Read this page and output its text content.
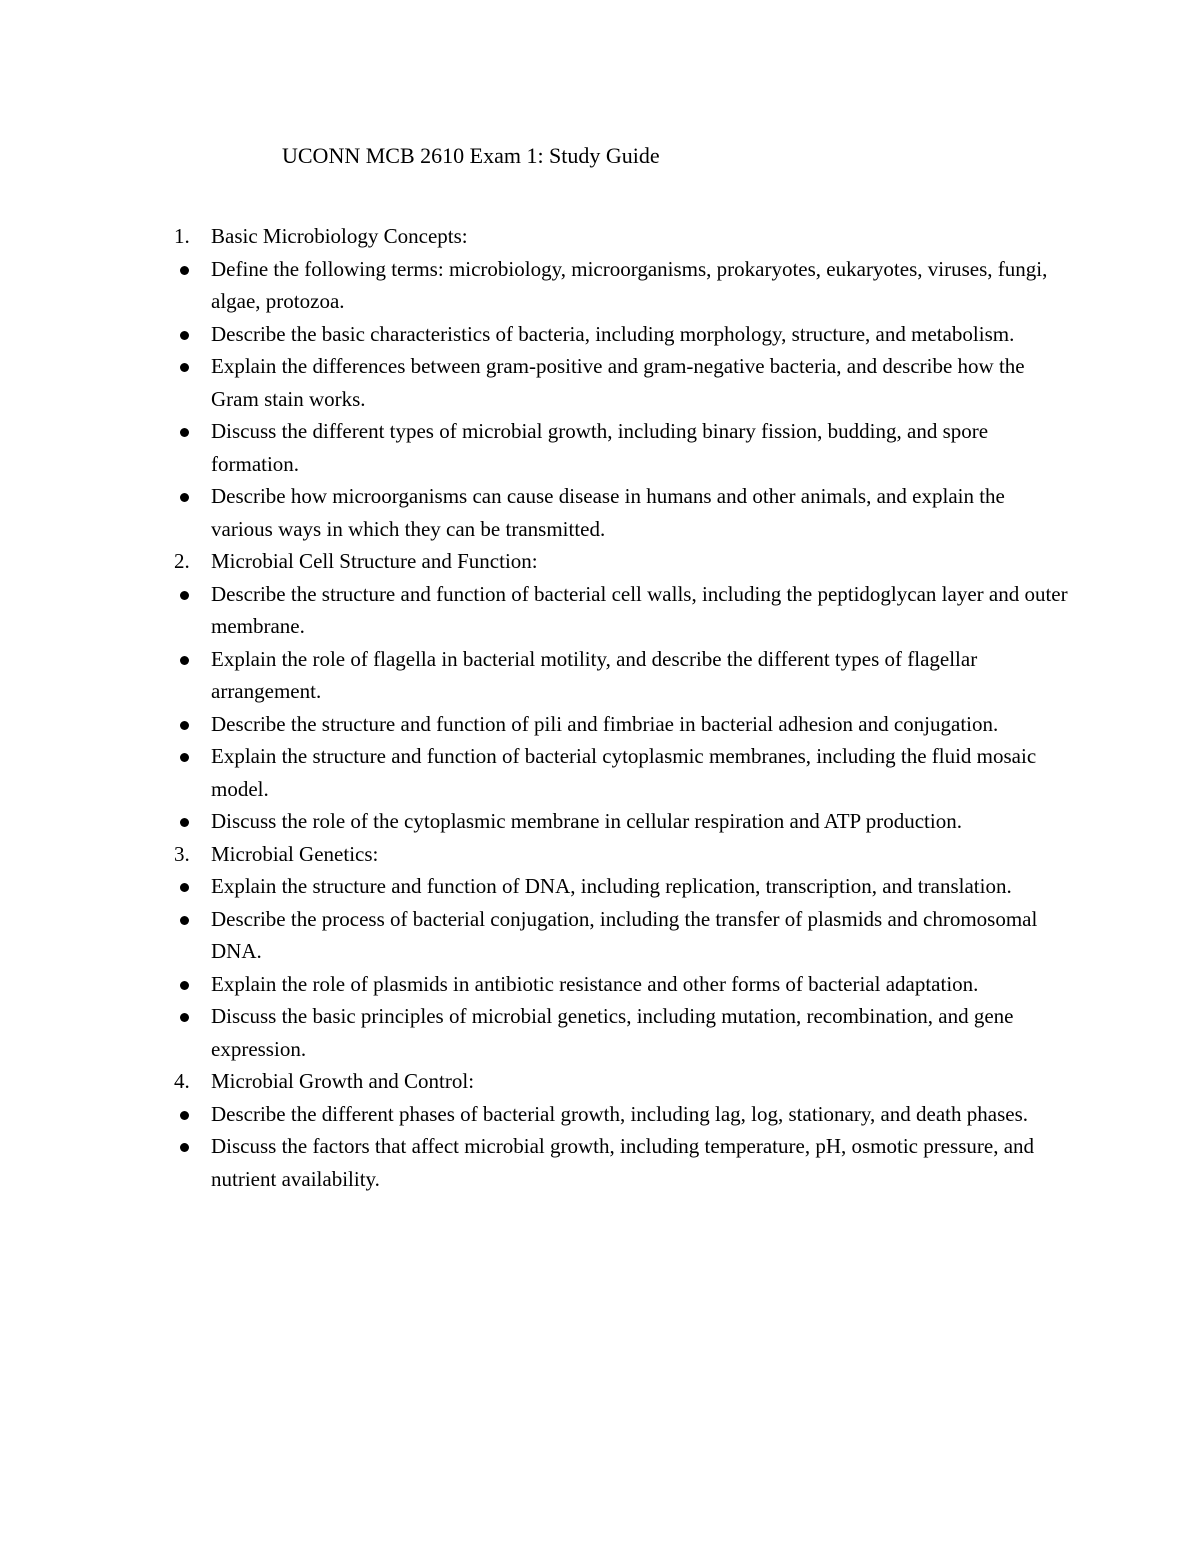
UCONN MCB 2610 Exam 1: Study Guide
1.	Basic Microbiology Concepts:
Define the following terms: microbiology, microorganisms, prokaryotes, eukaryotes, viruses, fungi, algae, protozoa.
Describe the basic characteristics of bacteria, including morphology, structure, and metabolism.
Explain the differences between gram-positive and gram-negative bacteria, and describe how the Gram stain works.
Discuss the different types of microbial growth, including binary fission, budding, and spore formation.
Describe how microorganisms can cause disease in humans and other animals, and explain the various ways in which they can be transmitted.
2.	Microbial Cell Structure and Function:
Describe the structure and function of bacterial cell walls, including the peptidoglycan layer and outer membrane.
Explain the role of flagella in bacterial motility, and describe the different types of flagellar arrangement.
Describe the structure and function of pili and fimbriae in bacterial adhesion and conjugation.
Explain the structure and function of bacterial cytoplasmic membranes, including the fluid mosaic model.
Discuss the role of the cytoplasmic membrane in cellular respiration and ATP production.
3.	Microbial Genetics:
Explain the structure and function of DNA, including replication, transcription, and translation.
Describe the process of bacterial conjugation, including the transfer of plasmids and chromosomal DNA.
Explain the role of plasmids in antibiotic resistance and other forms of bacterial adaptation.
Discuss the basic principles of microbial genetics, including mutation, recombination, and gene expression.
4.	Microbial Growth and Control:
Describe the different phases of bacterial growth, including lag, log, stationary, and death phases.
Discuss the factors that affect microbial growth, including temperature, pH, osmotic pressure, and nutrient availability.
